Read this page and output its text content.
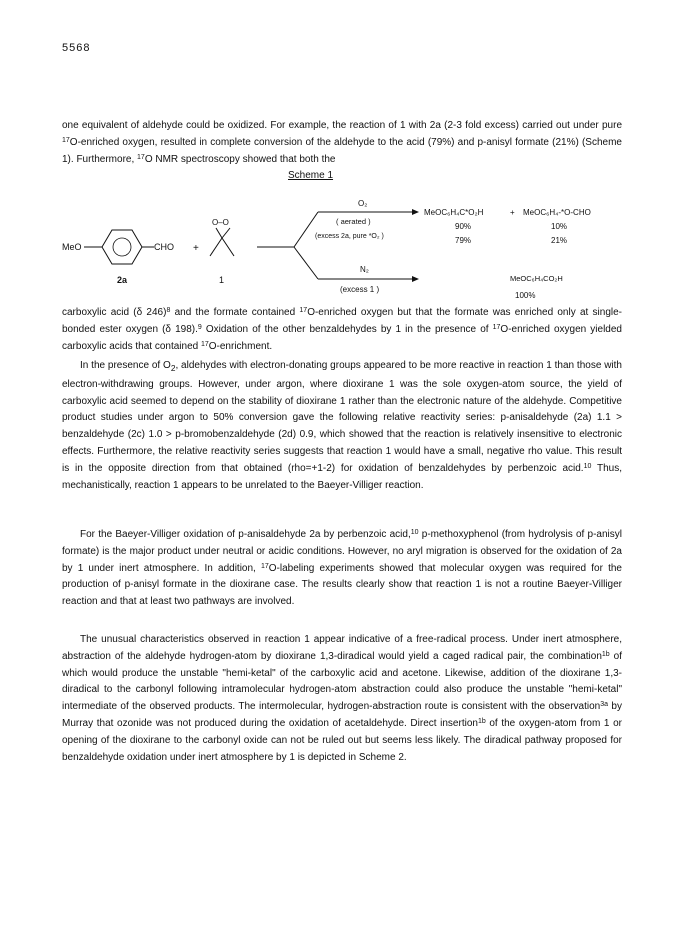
5568

one equivalent of aldehyde could be oxidized. For example, the reaction of 1 with 2a (2-3 fold excess) carried out under pure $^{17}$O-enriched oxygen, resulted in complete conversion of the aldehyde to the acid (79%) and p-anisyl formate (21%) (Scheme 1). Furthermore, $^{17}$O NMR spectroscopy showed that both the

Scheme 1
MeO	CHO
2a
+
O–O
1
O₂
( aerated )
(excess 2a, pure *O₂ )
N₂
(excess 1 )
MeOC₆H₄C*O₂H	+ MeOC₆H₄-*O-CHO
90%
79%
10%
21%
MeOC₆H₄CO₂H
100%

carboxylic acid (δ 246)$^8$ and the formate contained $^{17}$O-enriched oxygen but that the formate was enriched only at single-bonded ester oxygen (δ 198).$^9$ Oxidation of the other benzaldehydes by 1 in the presence of $^{17}$O-enriched oxygen yielded carboxylic acids that contained $^{17}$O-enrichment.

In the presence of $O_2$, aldehydes with electron-donating groups appeared to be more reactive in reaction 1 than those with electron-withdrawing groups. However, under argon, where dioxirane 1 was the sole oxygen-atom source, the yield of carboxylic acid seemed to depend on the stability of dioxirane 1 rather than the electronic nature of the aldehyde. Competitive product studies under argon to 50% conversion gave the following relative reactivity series: p-anisaldehyde (2a) 1.1 > benzaldehyde (2c) 1.0 > p-bromobenzaldehyde (2d) 0.9, which showed that the reaction is relatively insensitive to electronic effects. Furthermore, the relative reactivity series suggests that reaction 1 would have a small, negative rho value. This result is in the opposite direction from that obtained (rho=+1-2) for oxidation of benzaldehydes by perbenzoic acid.$^{10}$ Thus, mechanistically, reaction 1 appears to be unrelated to the Baeyer-Villiger reaction.

For the Baeyer-Villiger oxidation of p-anisaldehyde 2a by perbenzoic acid,$^{10}$ p-methoxyphenol (from hydrolysis of p-anisyl formate) is the major product under neutral or acidic conditions. However, no aryl migration is observed for the oxidation of 2a by 1 under inert atmosphere. In addition, $^{17}$O-labeling experiments showed that molecular oxygen was required for the production of p-anisyl formate in the dioxirane case. The results clearly show that reaction 1 is not a routine Baeyer-Villiger reaction and that at least two pathways are involved.

The unusual characteristics observed in reaction 1 appear indicative of a free-radical process. Under inert atmosphere, abstraction of the aldehyde hydrogen-atom by dioxirane 1,3-diradical would yield a caged radical pair, the combination$^{1b}$ of which would produce the unstable "hemi-ketal" of the carboxylic acid and acetone. Likewise, addition of the dioxirane 1,3-diradical to the carbonyl following intramolecular hydrogen-atom abstraction could also produce the unstable "hemi-ketal" intermediate of the observed products. The intermolecular, hydrogen-abstraction route is consistent with the observation$^{3a}$ by Murray that ozonide was not produced during the oxidation of acetaldehyde. Direct insertion$^{1b}$ of the oxygen-atom from 1 or opening of the dioxirane to the carbonyl oxide can not be ruled out but seems less likely. The diradical pathway proposed for benzaldehyde oxidation under inert atmosphere by 1 is depicted in Scheme 2.
